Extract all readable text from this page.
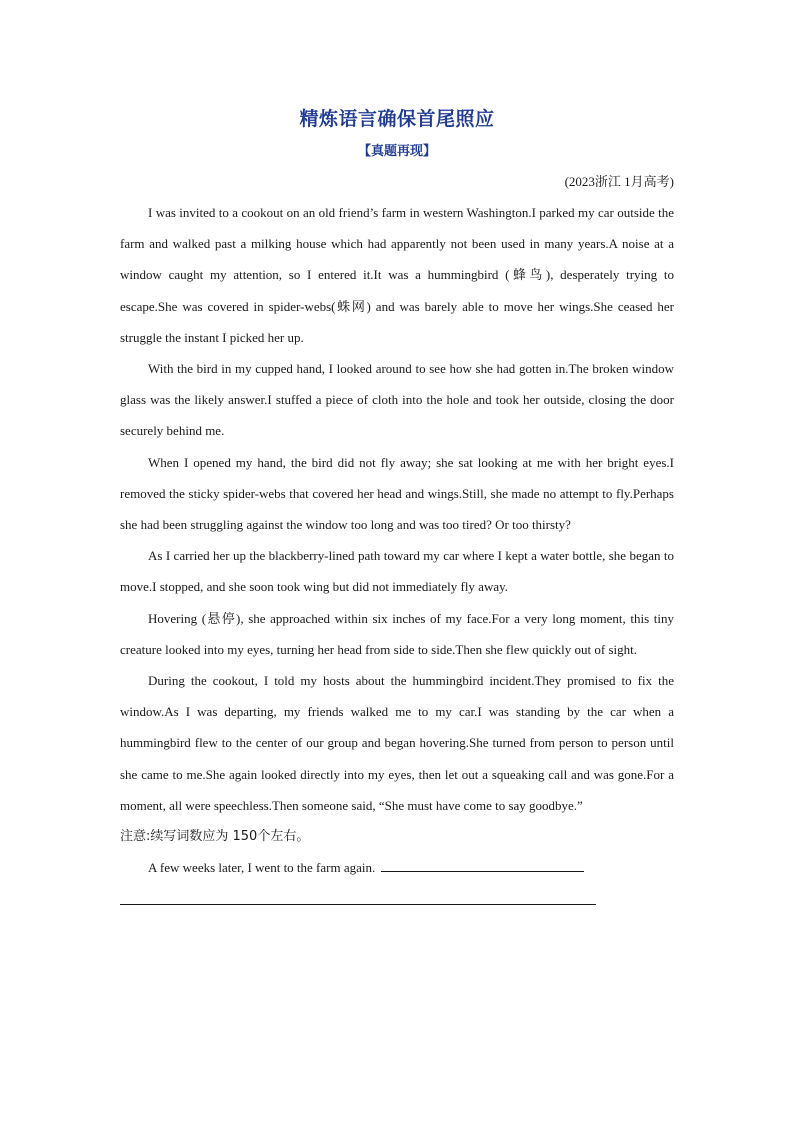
精炼语言确保首尾照应
【真题再现】
(2023浙江 1月高考)

I was invited to a cookout on an old friend’s farm in western Washington.I parked my car outside the farm and walked past a milking house which had apparently not been used in many years.A noise at a window caught my attention, so I entered it.It was a hummingbird (蜂鸟), desperately trying to escape.She was covered in spider-webs(蛛网) and was barely able to move her wings.She ceased her struggle the instant I picked her up.

With the bird in my cupped hand, I looked around to see how she had gotten in.The broken window glass was the likely answer.I stuffed a piece of cloth into the hole and took her outside, closing the door securely behind me.

When I opened my hand, the bird did not fly away; she sat looking at me with her bright eyes.I removed the sticky spider-webs that covered her head and wings.Still, she made no attempt to fly.Perhaps she had been struggling against the window too long and was too tired? Or too thirsty?

As I carried her up the blackberry-lined path toward my car where I kept a water bottle, she began to move.I stopped, and she soon took wing but did not immediately fly away.

Hovering (悬停), she approached within six inches of my face.For a very long moment, this tiny creature looked into my eyes, turning her head from side to side.Then she flew quickly out of sight.

During the cookout, I told my hosts about the hummingbird incident.They promised to fix the window.As I was departing, my friends walked me to my car.I was standing by the car when a hummingbird flew to the center of our group and began hovering.She turned from person to person until she came to me.She again looked directly into my eyes, then let out a squeaking call and was gone.For a moment, all were speechless.Then someone said, “She must have come to say goodbye.”

注意:续写词数应为 150个左右。

A few weeks later, I went to the farm again.
